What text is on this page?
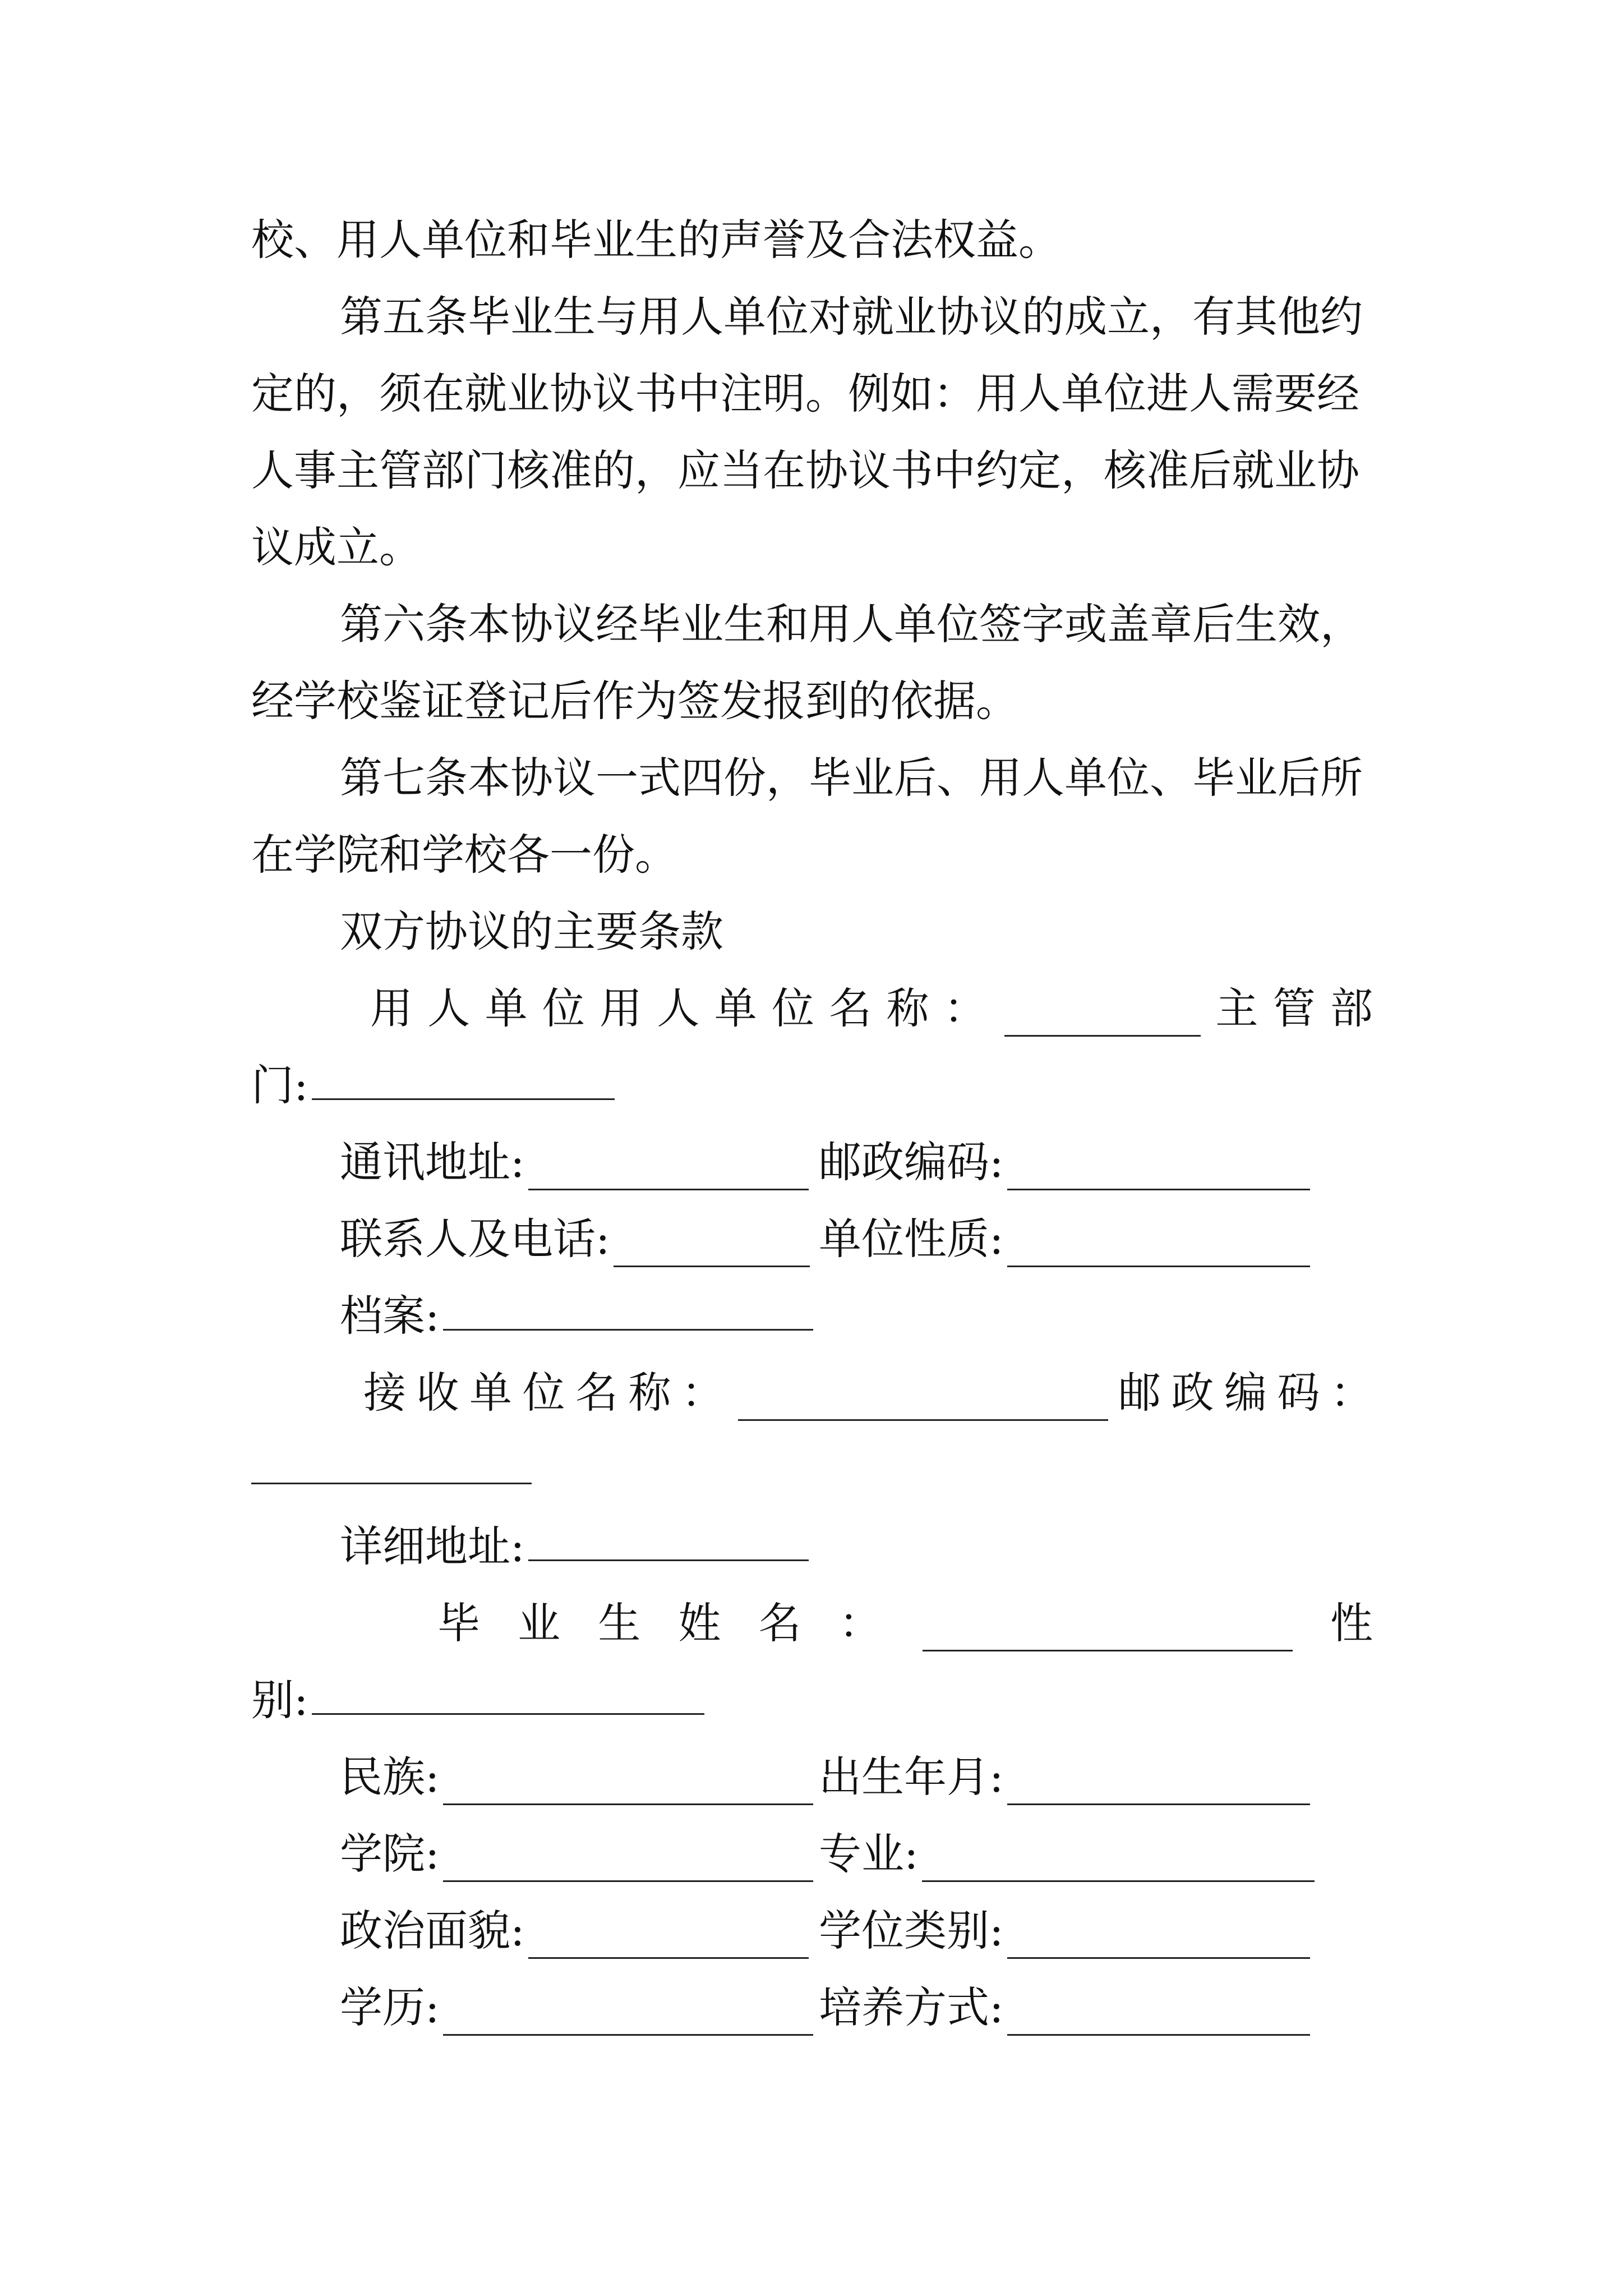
校、用人单位和毕业生的声誉及合法权益。
第五条毕业生与用人单位对就业协议的成立，有其他约
定的，须在就业协议书中注明。例如：用人单位进人需要经
人事主管部门核准的，应当在协议书中约定，核准后就业协
议成立。
第六条本协议经毕业生和用人单位签字或盖章后生效，
经学校鉴证登记后作为签发报到的依据。
第七条本协议一式四份，毕业后、用人单位、毕业后所
在学院和学校各一份。
双方协议的主要条款
用 人 单 位 用 人 单 位 名 称 ：	主 管 部
门:
通讯地址:	邮政编码:
联系人及电话:	单位性质:
档案:
接 收 单 位 名 称 ：	邮 政 编 码 ：
详细地址:
毕 业 生 姓 名 ：	性
别:
民族:	出生年月:
学院:	专业:
政治面貌:	学位类别:
学历:	培养方式:
